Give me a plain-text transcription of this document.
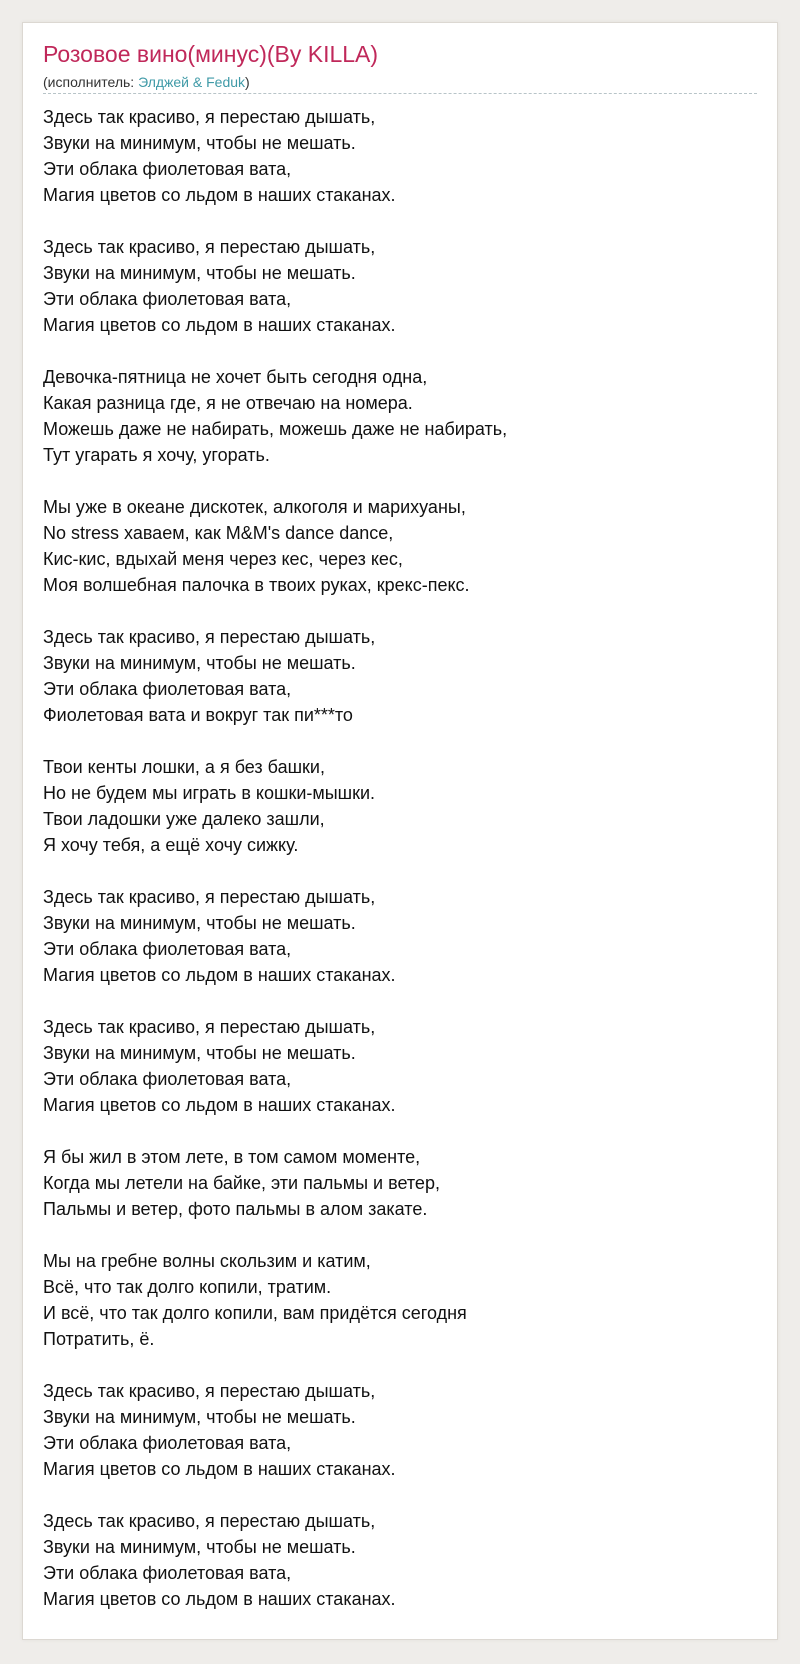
Розовое вино(минус)(By KILLA)
(исполнитель: Элджей & Feduk)
Здесь так красиво, я перестаю дышать,
Звуки на минимум, чтобы не мешать.
Эти облака фиолетовая вата,
Магия цветов со льдом в наших стаканах.
Здесь так красиво, я перестаю дышать,
Звуки на минимум, чтобы не мешать.
Эти облака фиолетовая вата,
Магия цветов со льдом в наших стаканах.
Девочка-пятница не хочет быть сегодня одна,
Какая разница где, я не отвечаю на номера.
Можешь даже не набирать, можешь даже не набирать,
Тут угарать я хочу, угорать.
Мы уже в океане дискотек, алкоголя и марихуаны,
No stress хаваем, как M&M's dance dance,
Кис-кис, вдыхай меня через кес, через кес,
Моя волшебная палочка в твоих руках, крекс-пекс.
Здесь так красиво, я перестаю дышать,
Звуки на минимум, чтобы не мешать.
Эти облака фиолетовая вата,
Фиолетовая вата и вокруг так пи***то
Твои кенты лошки, а я без башки,
Но не будем мы играть в кошки-мышки.
Твои ладошки уже далеко зашли,
Я хочу тебя, а ещё хочу сижку.
Здесь так красиво, я перестаю дышать,
Звуки на минимум, чтобы не мешать.
Эти облака фиолетовая вата,
Магия цветов со льдом в наших стаканах.
Здесь так красиво, я перестаю дышать,
Звуки на минимум, чтобы не мешать.
Эти облака фиолетовая вата,
Магия цветов со льдом в наших стаканах.
Я бы жил в этом лете, в том самом моменте,
Когда мы летели на байке, эти пальмы и ветер,
Пальмы и ветер, фото пальмы в алом закате.
Мы на гребне волны скользим и катим,
Всё, что так долго копили, тратим.
И всё, что так долго копили, вам придётся сегодня
Потратить, ё.
Здесь так красиво, я перестаю дышать,
Звуки на минимум, чтобы не мешать.
Эти облака фиолетовая вата,
Магия цветов со льдом в наших стаканах.
Здесь так красиво, я перестаю дышать,
Звуки на минимум, чтобы не мешать.
Эти облака фиолетовая вата,
Магия цветов со льдом в наших стаканах.
